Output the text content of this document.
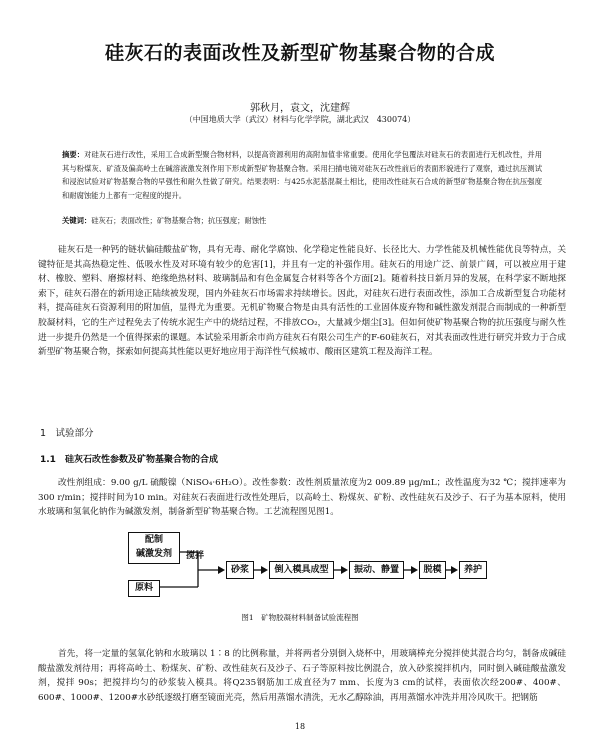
硅灰石的表面改性及新型矿物基聚合物的合成
郭秋月，袁文，沈建辉
（中国地质大学（武汉）材料与化学学院，湖北武汉　430074）
摘要：对硅灰石进行改性，采用工合成新型聚合物材料，以提高资源利用的高附加值非常重要。使用化学包覆法对硅灰石的表面进行无机改性，并用其与粉煤灰、矿渣及偏高岭土在碱溶液激发剂作用下形成新型矿物基聚合物。采用扫描电镜对硅灰石改性前后的表面形貌进行了观察，通过抗压测试和浸泡试验对矿物基聚合物的早强性和耐久性做了研究。结果表明：与425水泥基混凝土相比，使用改性硅灰石合成的新型矿物基聚合物在抗压强度和耐腐蚀能力上都有一定程度的提升。
关键词：硅灰石；表面改性；矿物基聚合物；抗压强度；耐蚀性
硅灰石是一种钙的链状偏硅酸盐矿物，具有无毒、耐化学腐蚀、化学稳定性能良好、长径比大、力学性能及机械性能优良等特点，关键特征是其高热稳定性、低吸水性及对环境有较少的危害[1]，并且有一定的补强作用。硅灰石的用途广泛、前景广阔，可以被应用于建材、橡胶、塑料、磨擦材料、绝缘绝热材料、玻璃制品和有色金属复合材料等各个方面[2]。随着科技日新月异的发展，在科学家不断地探索下，硅灰石潜在的新用途正陆续被发现，国内外硅灰石市场需求持续增长。因此，对硅灰石进行表面改性，添加工合成新型复合功能材料，提高硅灰石资源利用的附加值，显得尤为重要。无机矿物聚合物是由具有活性的工业固体废弃物和碱性激发剂混合而制成的一种新型胶凝材料，它的生产过程免去了传统水泥生产中的烧结过程，不排放CO₂，大量减少烟尘[3]。但如何使矿物基聚合物的抗压强度与耐久性进一步提升仍然是一个值得探索的课题。本试验采用新余市尚方硅灰石有限公司生产的F-60硅灰石，对其表面改性进行研究并致力于合成新型矿物基聚合物，探索如何提高其性能以更好地应用于海洋性气候城市、酸雨区建筑工程及海洋工程。
1　试验部分
1.1　硅灰石改性参数及矿物基聚合物的合成
改性剂组成：9.00 g/L 硫酸镍（NiSO₄·6H₂O）。改性参数：改性剂质量浓度为2 009.89 μg/mL；改性温度为32 ℃；搅拌速率为300 r/min；搅拌时间为10 min。对硅灰石表面进行改性处理后，以高岭土、粉煤灰、矿粉、改性硅灰石及沙子、石子为基本原料，使用水玻璃和氢氧化钠作为碱激发剂，制备新型矿物基聚合物。工艺流程图见图1。
配制
碱激发剂	搅拌
原料
砂浆	倒入模具成型	振动、静置	脱模	养护
图1　矿物胶凝材料制备试验流程图
首先，将一定量的氢氧化钠和水玻璃以 1∶8 的比例称量，并将两者分别倒入烧杯中，用玻璃棒充分搅拌使其混合均匀，制备成碱硅酸盐激发剂待用；再将高岭土、粉煤灰、矿粉、改性硅灰石及沙子、石子等原料按比例混合，放入砂浆搅拌机内，同时倒入碱硅酸盐激发剂，搅拌 90s；把搅拌均匀的砂浆装入模具。将Q235钢筋加工成直径为7 mm、长度为3 cm的试样，表面依次经200#、400#、600#、1000#、1200#水砂纸逐级打磨至镜面光亮，然后用蒸馏水清洗，无水乙醇除油，再用蒸馏水冲洗并用冷风吹干。把钢筋
18
